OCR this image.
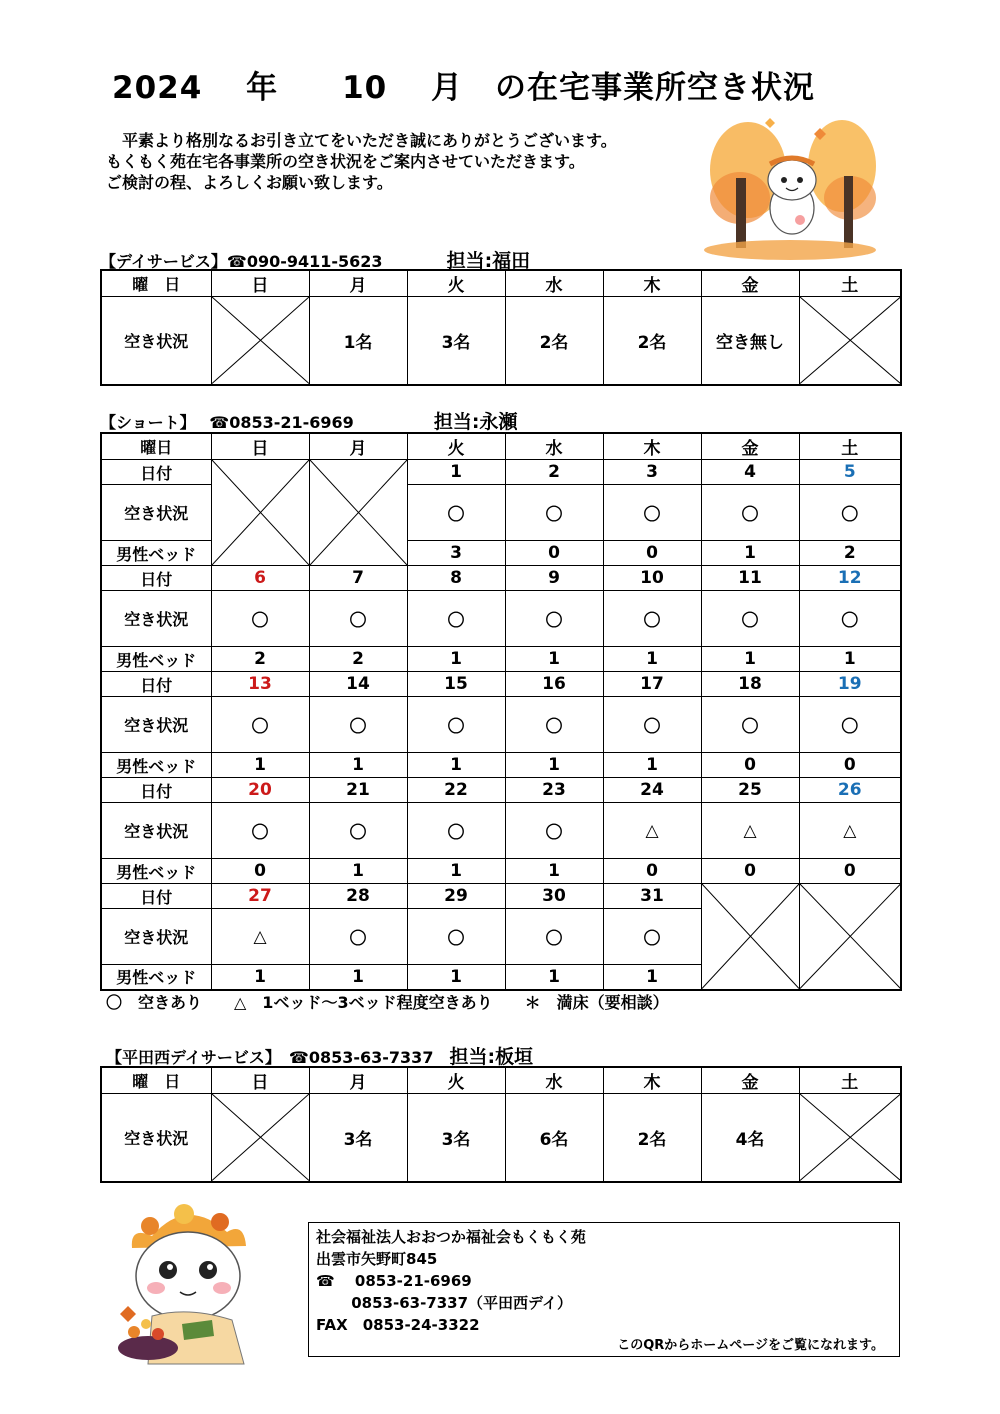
2024　 年　　 10　 月　 の在宅事業所空き状況
　平素より格別なるお引き立てをいただき誠にありがとうございます。
もくもく苑在宅各事業所の空き状況をご案内させていただきます。
ご検討の程、よろしくお願い致します。
【デイサービス】☎090-9411-5623　　　　	担当:福田
曜　日	日	月	火	水	木	金	土
空き状況		1名	3名	2名	2名	空き無し	
【ショート】　 ☎0853-21-6969　　　　　	担当:永瀬
曜日	日	月	火	水	木	金	土
日付			1	2	3	4	5
空き状況			〇	〇	〇	〇	〇
男性ベッド			3	0	0	1	2
日付	6	7	8	9	10	11	12
空き状況	〇	〇	〇	〇	〇	〇	〇
男性ベッド	2	2	1	1	1	1	1
日付	13	14	15	16	17	18	19
空き状況	〇	〇	〇	〇	〇	〇	〇
男性ベッド	1	1	1	1	1	0	0
日付	20	21	22	23	24	25	26
空き状況	〇	〇	〇	〇	△	△	△
男性ベッド	0	1	1	1	0	0	0
日付	27	28	29	30	31	

空き状況	△	〇	〇	〇	〇		
男性ベッド	1	1	1	1	1		
〇　空きあり　　△　1ベッド～3ベッド程度空きあり　　＊　満床（要相談）
【平田西デイサービス】　 ☎0853-63-7337　 担当:板垣
曜　日	日	月	火	水	木	金	土
空き状況		3名	3名	6名	2名	4名	
社会福祉法人おおつか福祉会もくもく苑
出雲市矢野町845
☎　 0853-21-6969
　　 0853-63-7337（平田西デイ）
FAX　0853-24-3322
このQRからホームページをご覧になれます。
